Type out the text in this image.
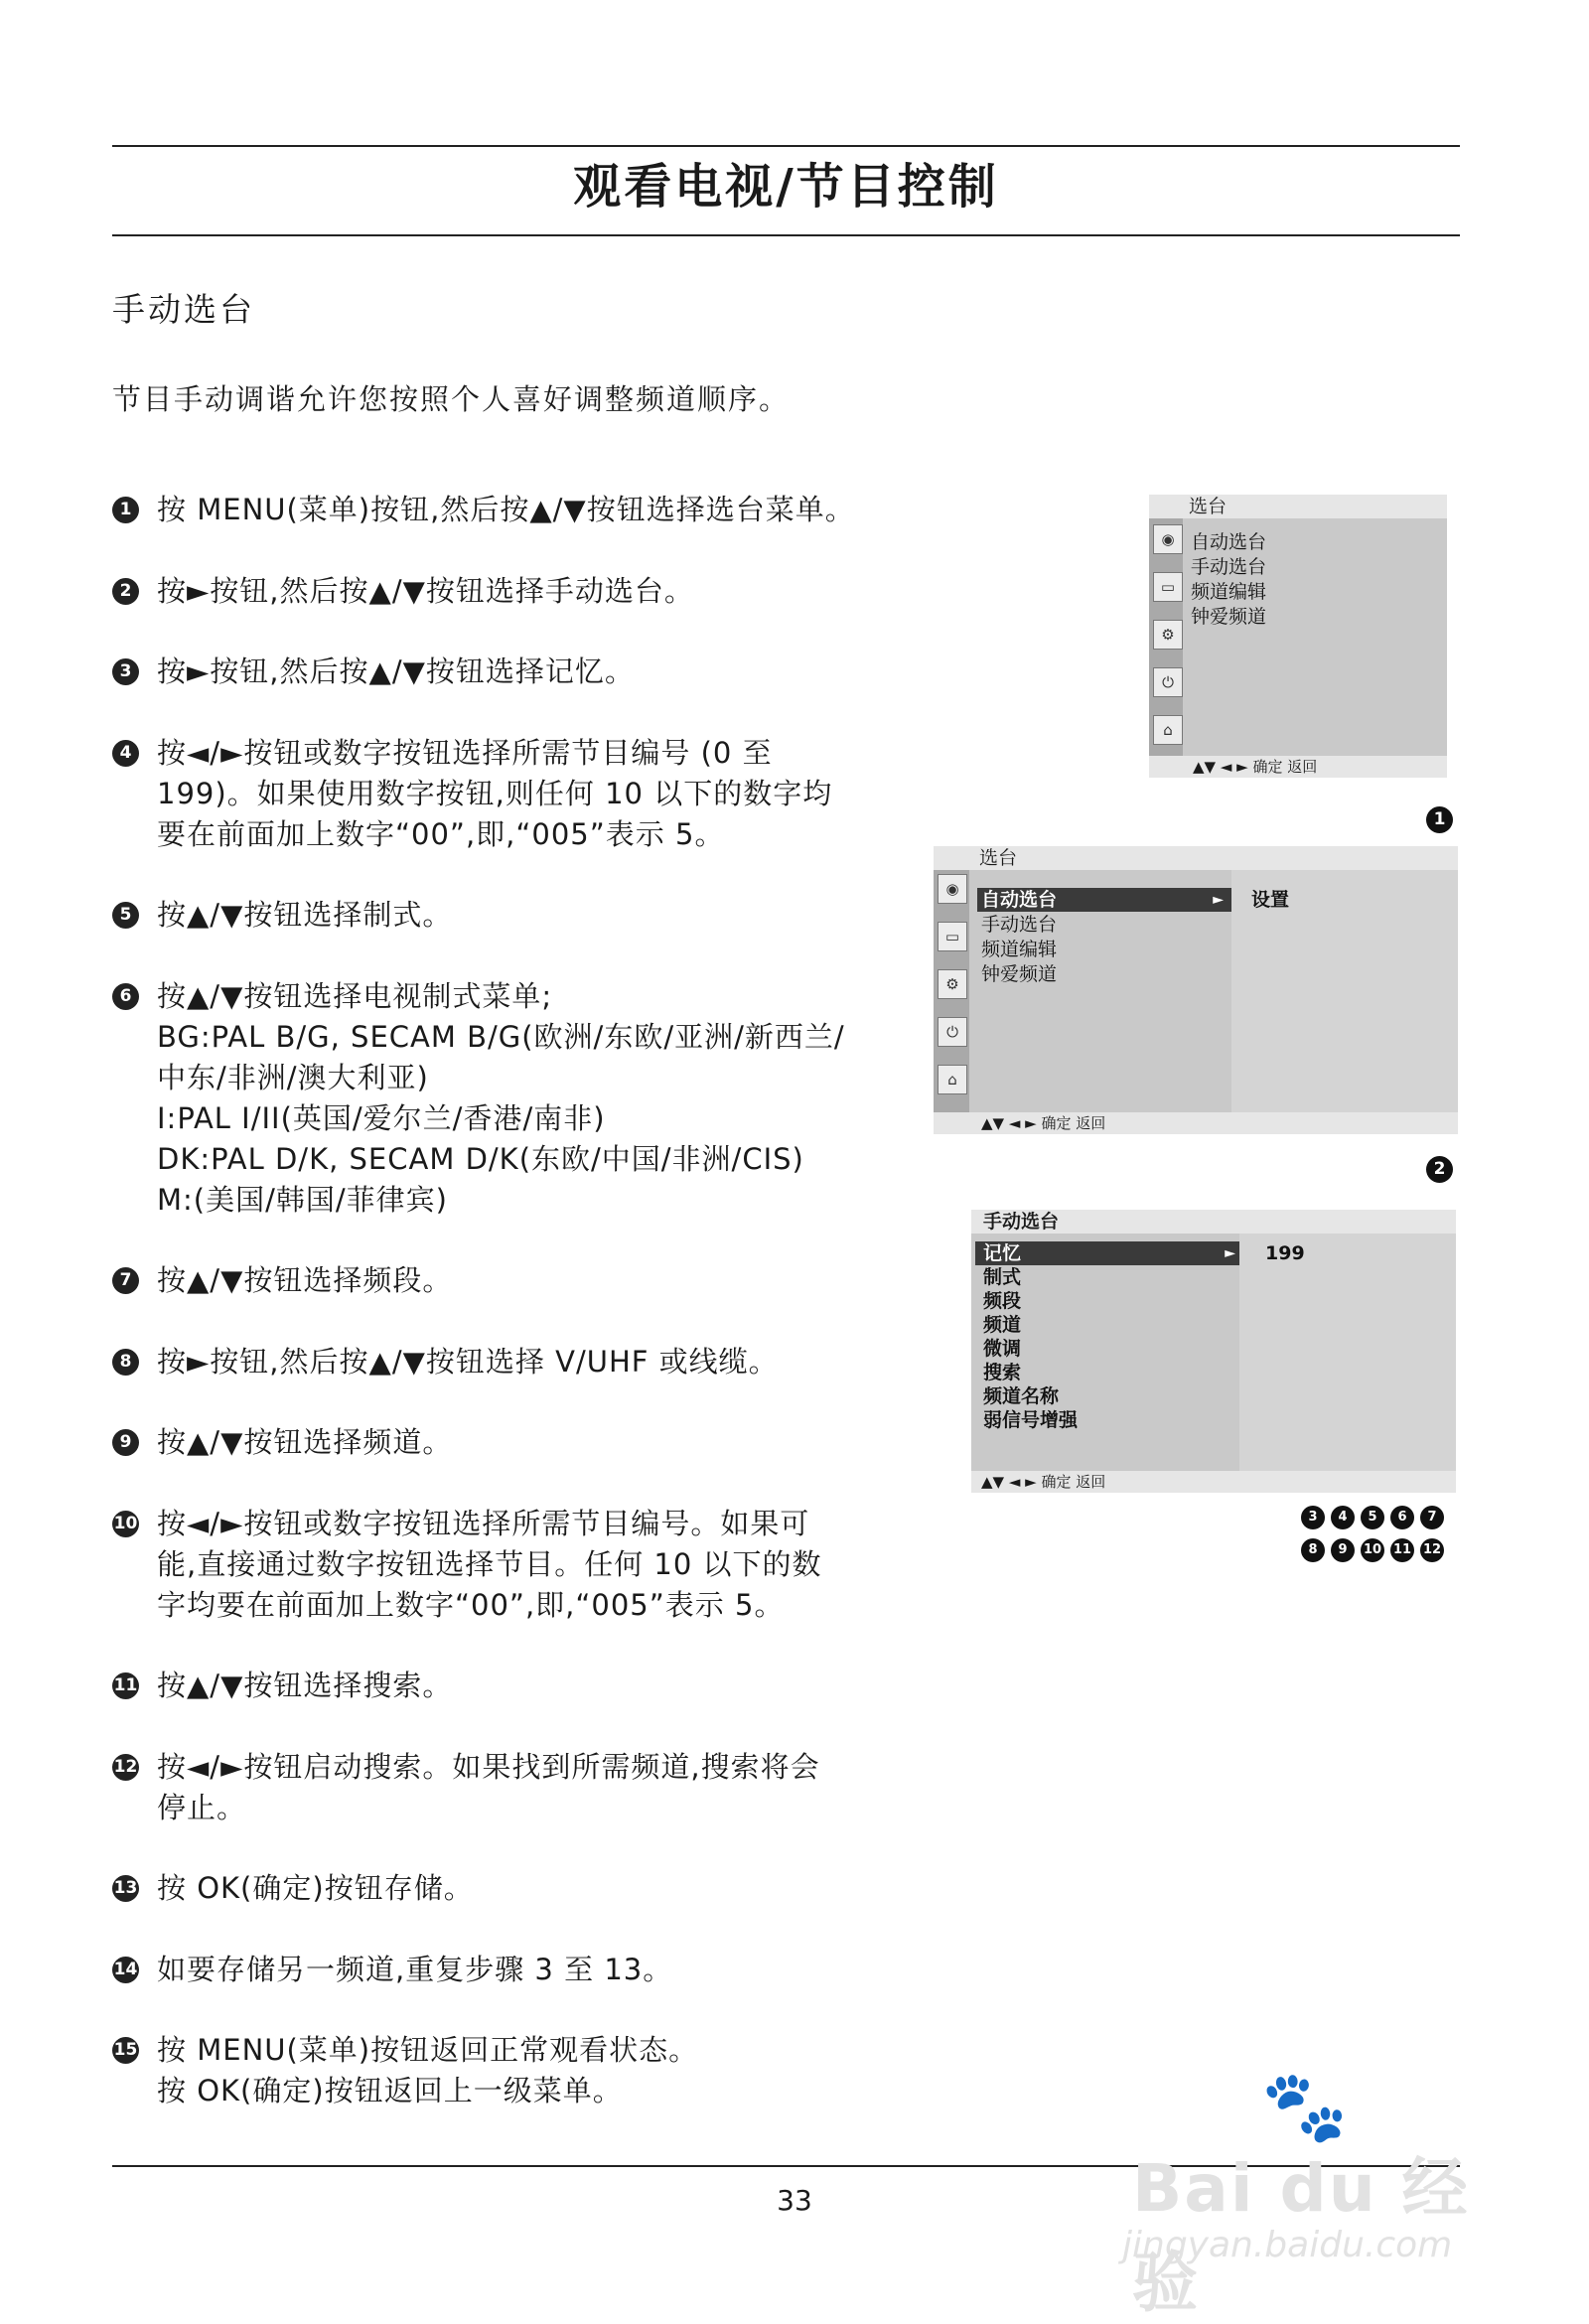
观看电视/节目控制
手动选台
节目手动调谐允许您按照个人喜好调整频道顺序。
1 按 MENU(菜单)按钮,然后按▲/▼按钮选择选台菜单。
2 按►按钮,然后按▲/▼按钮选择手动选台。
3 按►按钮,然后按▲/▼按钮选择记忆。
4 按◄/►按钮或数字按钮选择所需节目编号 (0 至
199)。如果使用数字按钮,则任何 10 以下的数字均
要在前面加上数字“00”,即,“005”表示 5。
5 按▲/▼按钮选择制式。
6 按▲/▼按钮选择电视制式菜单;
BG:PAL B/G, SECAM B/G(欧洲/东欧/亚洲/新西兰/
中东/非洲/澳大利亚)
I:PAL I/II(英国/爱尔兰/香港/南非)
DK:PAL D/K, SECAM D/K(东欧/中国/非洲/CIS)
M:(美国/韩国/菲律宾)
7 按▲/▼按钮选择频段。
8 按►按钮,然后按▲/▼按钮选择 V/UHF 或线缆。
9 按▲/▼按钮选择频道。
10 按◄/►按钮或数字按钮选择所需节目编号。如果可
能,直接通过数字按钮选择节目。任何 10 以下的数
字均要在前面加上数字“00”,即,“005”表示 5。
11 按▲/▼按钮选择搜索。
12 按◄/►按钮启动搜索。如果找到所需频道,搜索将会
停止。
13 按 OK(确定)按钮存储。
14 如要存储另一频道,重复步骤 3 至 13。
15 按 MENU(菜单)按钮返回正常观看状态。
按 OK(确定)按钮返回上一级菜单。
选台
◉
▭
⚙
⏻
⌂
自动选台
手动选台
频道编辑
钟爱频道
▲▼ ◄ ► 确定 返回
1
选台
◉
▭
⚙
⏻
⌂
自动选台	►
手动选台
频道编辑
钟爱频道
设置
▲▼ ◄ ► 确定 返回
2
手动选台
记忆	►
制式
频段
频道
微调
搜索
频道名称
弱信号增强
199
▲▼ ◄ ► 确定 返回
3	4	5	6	7
8	9	10 11 12
33
🐾
Bai du 经验
jingyan.baidu.com
